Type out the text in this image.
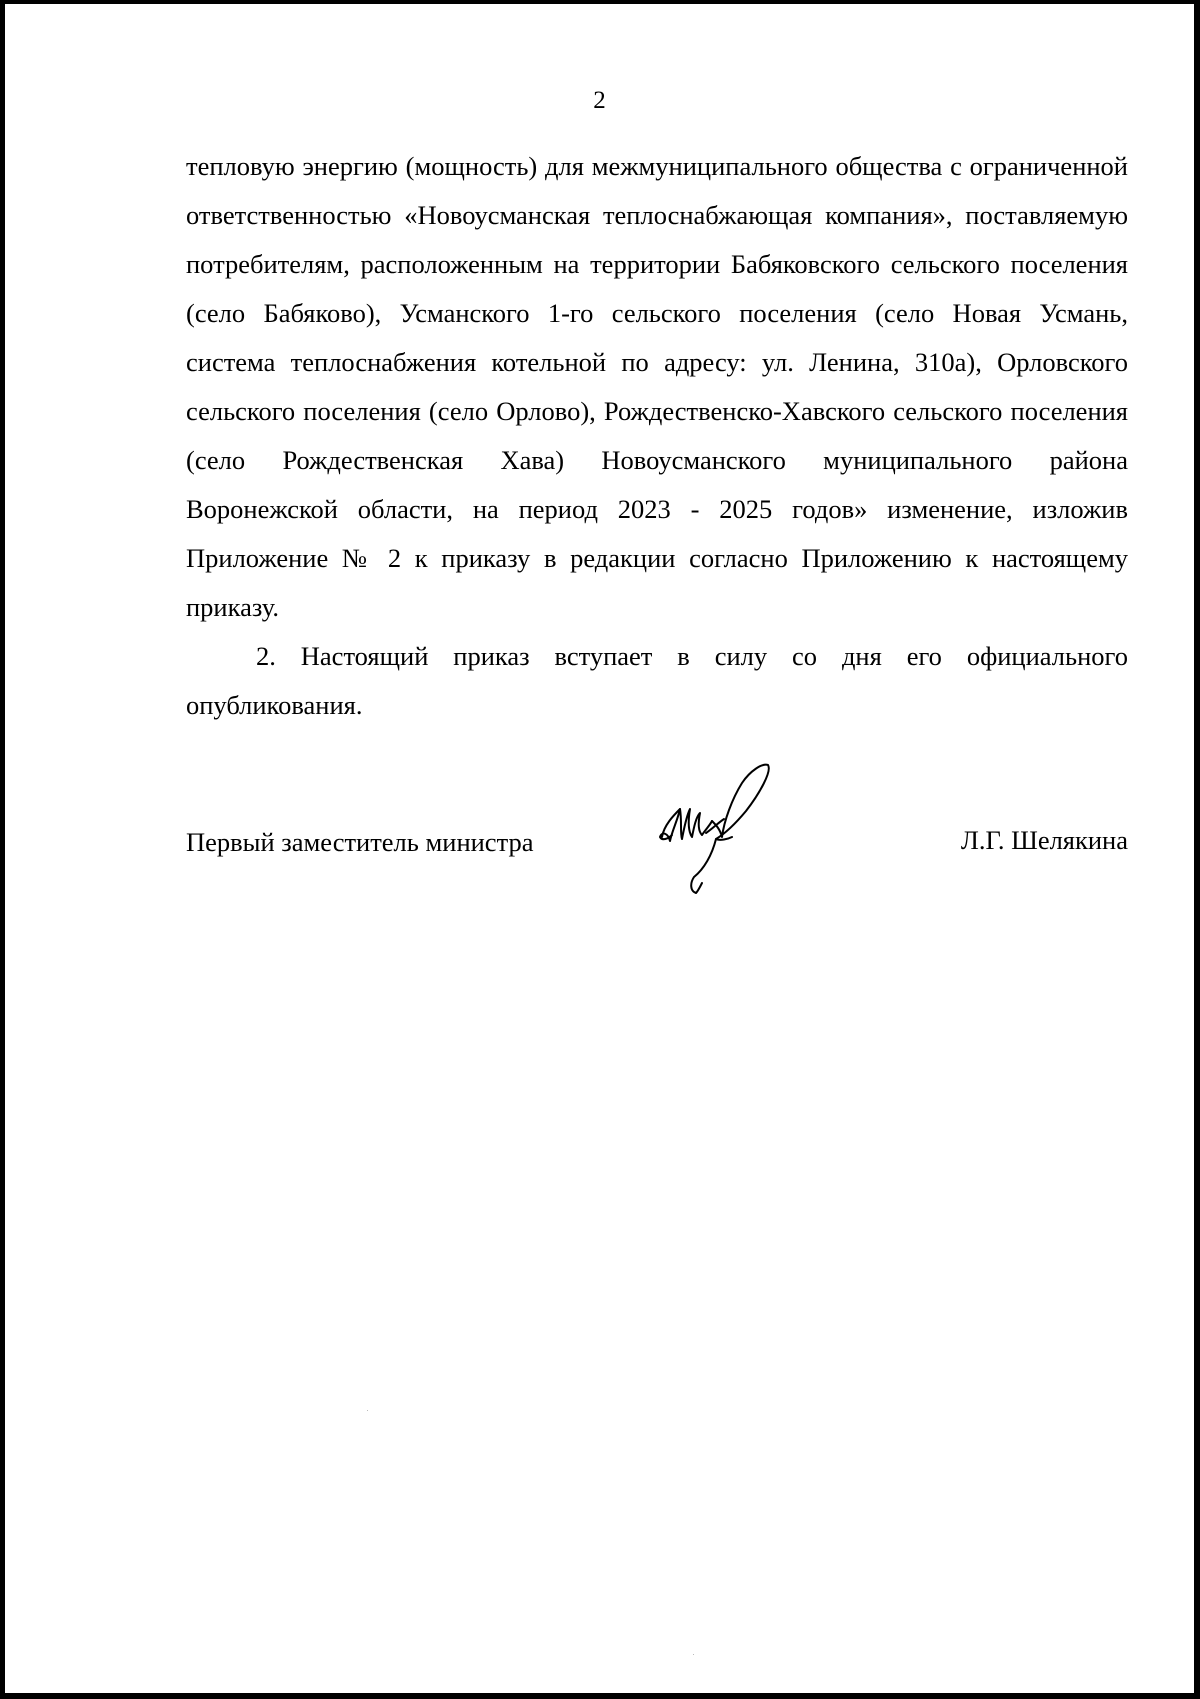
2

тепловую энергию (мощность) для межмуниципального общества с ограниченной ответственностью «Новоусманская теплоснабжающая компания», поставляемую потребителям, расположенным на территории Бабяковского сельского поселения (село Бабяково), Усманского 1-го сельского поселения (село Новая Усмань, система теплоснабжения котельной по адресу: ул. Ленина, 310а), Орловского сельского поселения (село Орлово), Рождественско-Хавского сельского поселения (село Рождественская Хава) Новоусманского муниципального района Воронежской области, на период 2023 - 2025 годов» изменение, изложив Приложение № 2 к приказу в редакции согласно Приложению к настоящему приказу.

2. Настоящий приказ вступает в силу со дня его официального опубликования.

Первый заместитель министра	Л.Г. Шелякина
